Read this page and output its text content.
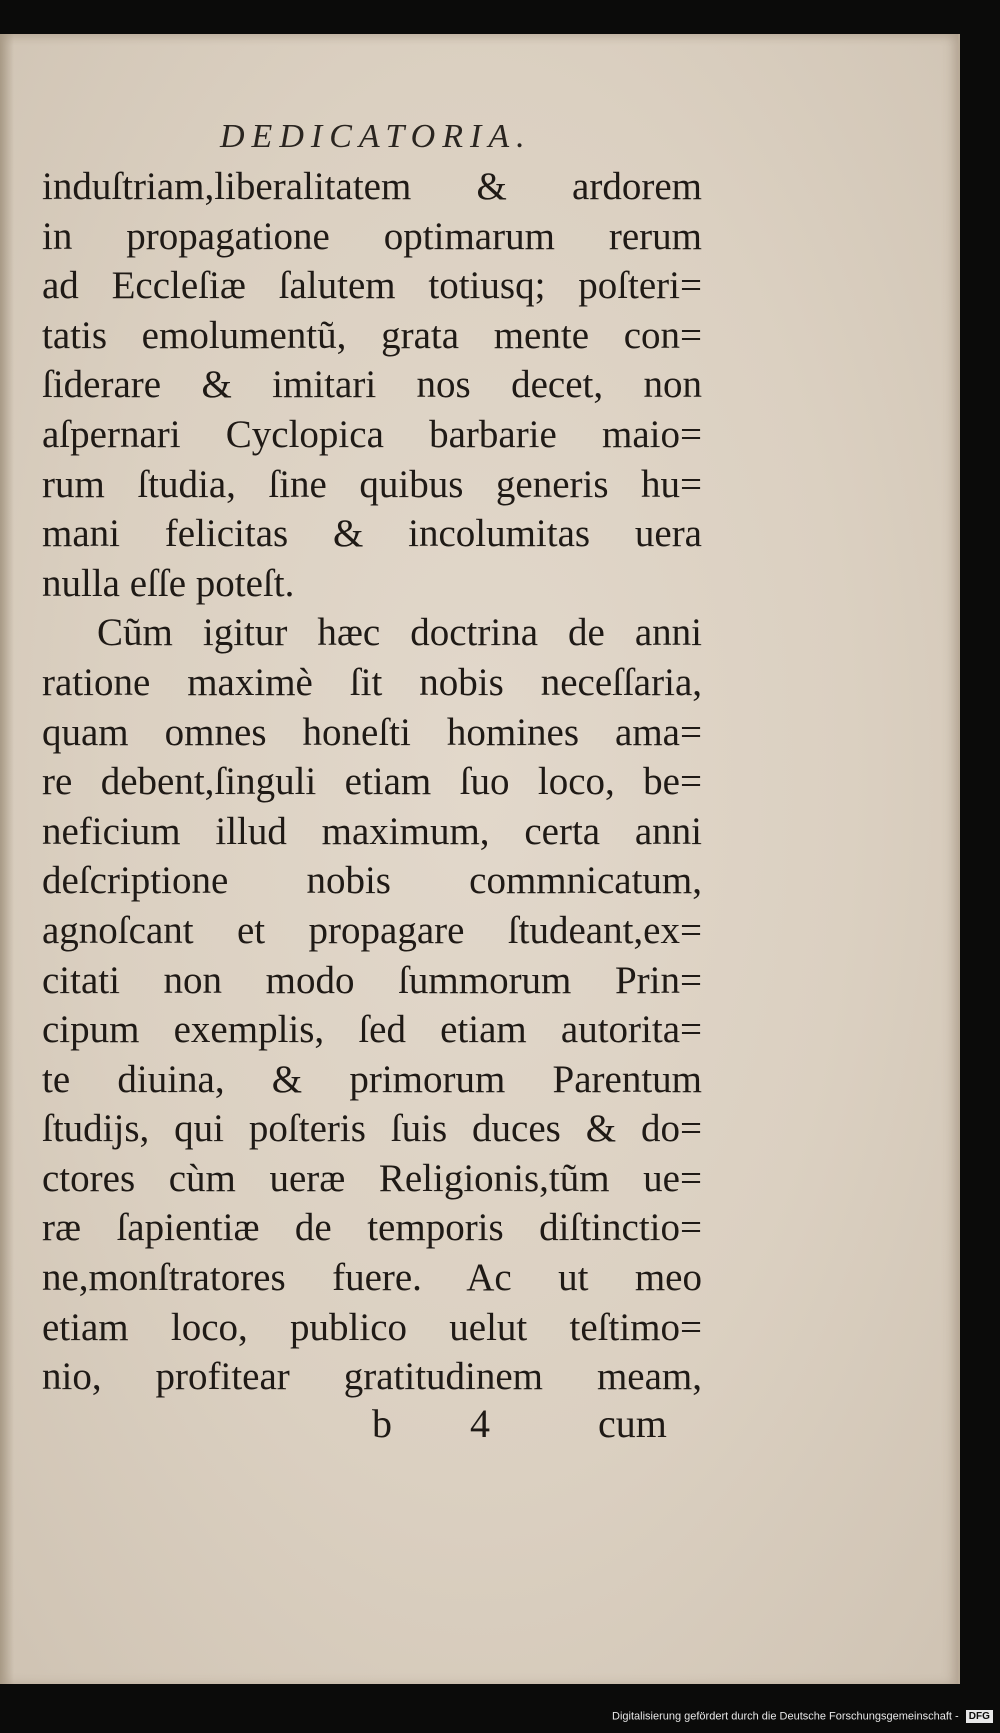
DEDICATORIA.
induſtriam,liberalitatem & ardorem
in propagatione optimarum rerum
ad Eccleſiæ ſalutem totiusq; poſteri=
tatis emolumentũ, grata mente con=
ſiderare & imitari nos decet, non
aſpernari Cyclopica barbarie maio=
rum ſtudia, ſine quibus generis hu=
mani felicitas & incolumitas uera
nulla eſſe poteſt.
Cũm igitur hæc doctrina de anni
ratione maximè ſit nobis neceſſaria,
quam omnes honeſti homines ama=
re debent,ſinguli etiam ſuo loco, be=
neficium illud maximum, certa anni
deſcriptione nobis commnicatum,
agnoſcant et propagare ſtudeant,ex=
citati non modo ſummorum Prin=
cipum exemplis, ſed etiam autorita=
te diuina, & primorum Parentum
ſtudijs, qui poſteris ſuis duces & do=
ctores cùm ueræ Religionis,tũm ue=
ræ ſapientiæ de temporis diſtinctio=
ne,monſtratores fuere. Ac ut meo
etiam loco, publico uelut teſtimo=
nio, profitear gratitudinem meam,
b 4	cum
Digitalisierung gefördert durch die Deutsche Forschungsgemeinschaft - DFG
